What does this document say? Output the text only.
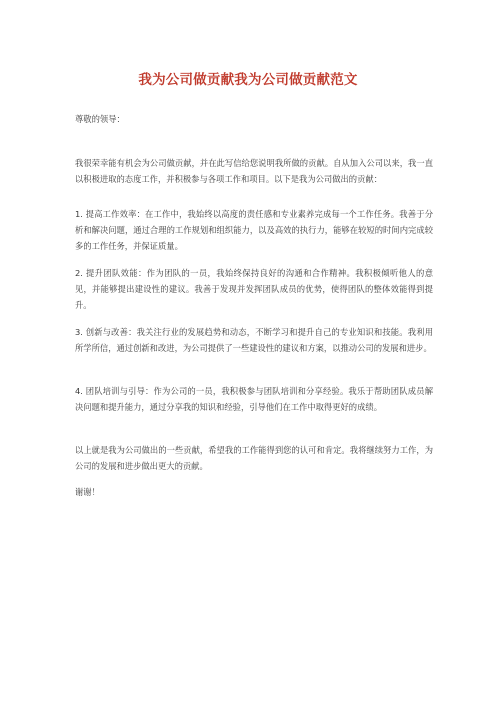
我为公司做贡献我为公司做贡献范文
尊敬的领导：
我很荣幸能有机会为公司做贡献，并在此写信给您说明我所做的贡献。自从加入公司以来，我一直以积极进取的态度工作，并积极参与各项工作和项目。以下是我为公司做出的贡献：
1. 提高工作效率：在工作中，我始终以高度的责任感和专业素养完成每一个工作任务。我善于分析和解决问题，通过合理的工作规划和组织能力，以及高效的执行力，能够在较短的时间内完成较多的工作任务，并保证质量。
2. 提升团队效能：作为团队的一员，我始终保持良好的沟通和合作精神。我积极倾听他人的意见，并能够提出建设性的建议。我善于发现并发挥团队成员的优势，使得团队的整体效能得到提升。
3. 创新与改善：我关注行业的发展趋势和动态，不断学习和提升自己的专业知识和技能。我利用所学所信，通过创新和改进，为公司提供了一些建设性的建议和方案，以推动公司的发展和进步。
4. 团队培训与引导：作为公司的一员，我积极参与团队培训和分享经验。我乐于帮助团队成员解决问题和提升能力，通过分享我的知识和经验，引导他们在工作中取得更好的成绩。
以上就是我为公司做出的一些贡献，希望我的工作能得到您的认可和肯定。我将继续努力工作，为公司的发展和进步做出更大的贡献。
谢谢！
